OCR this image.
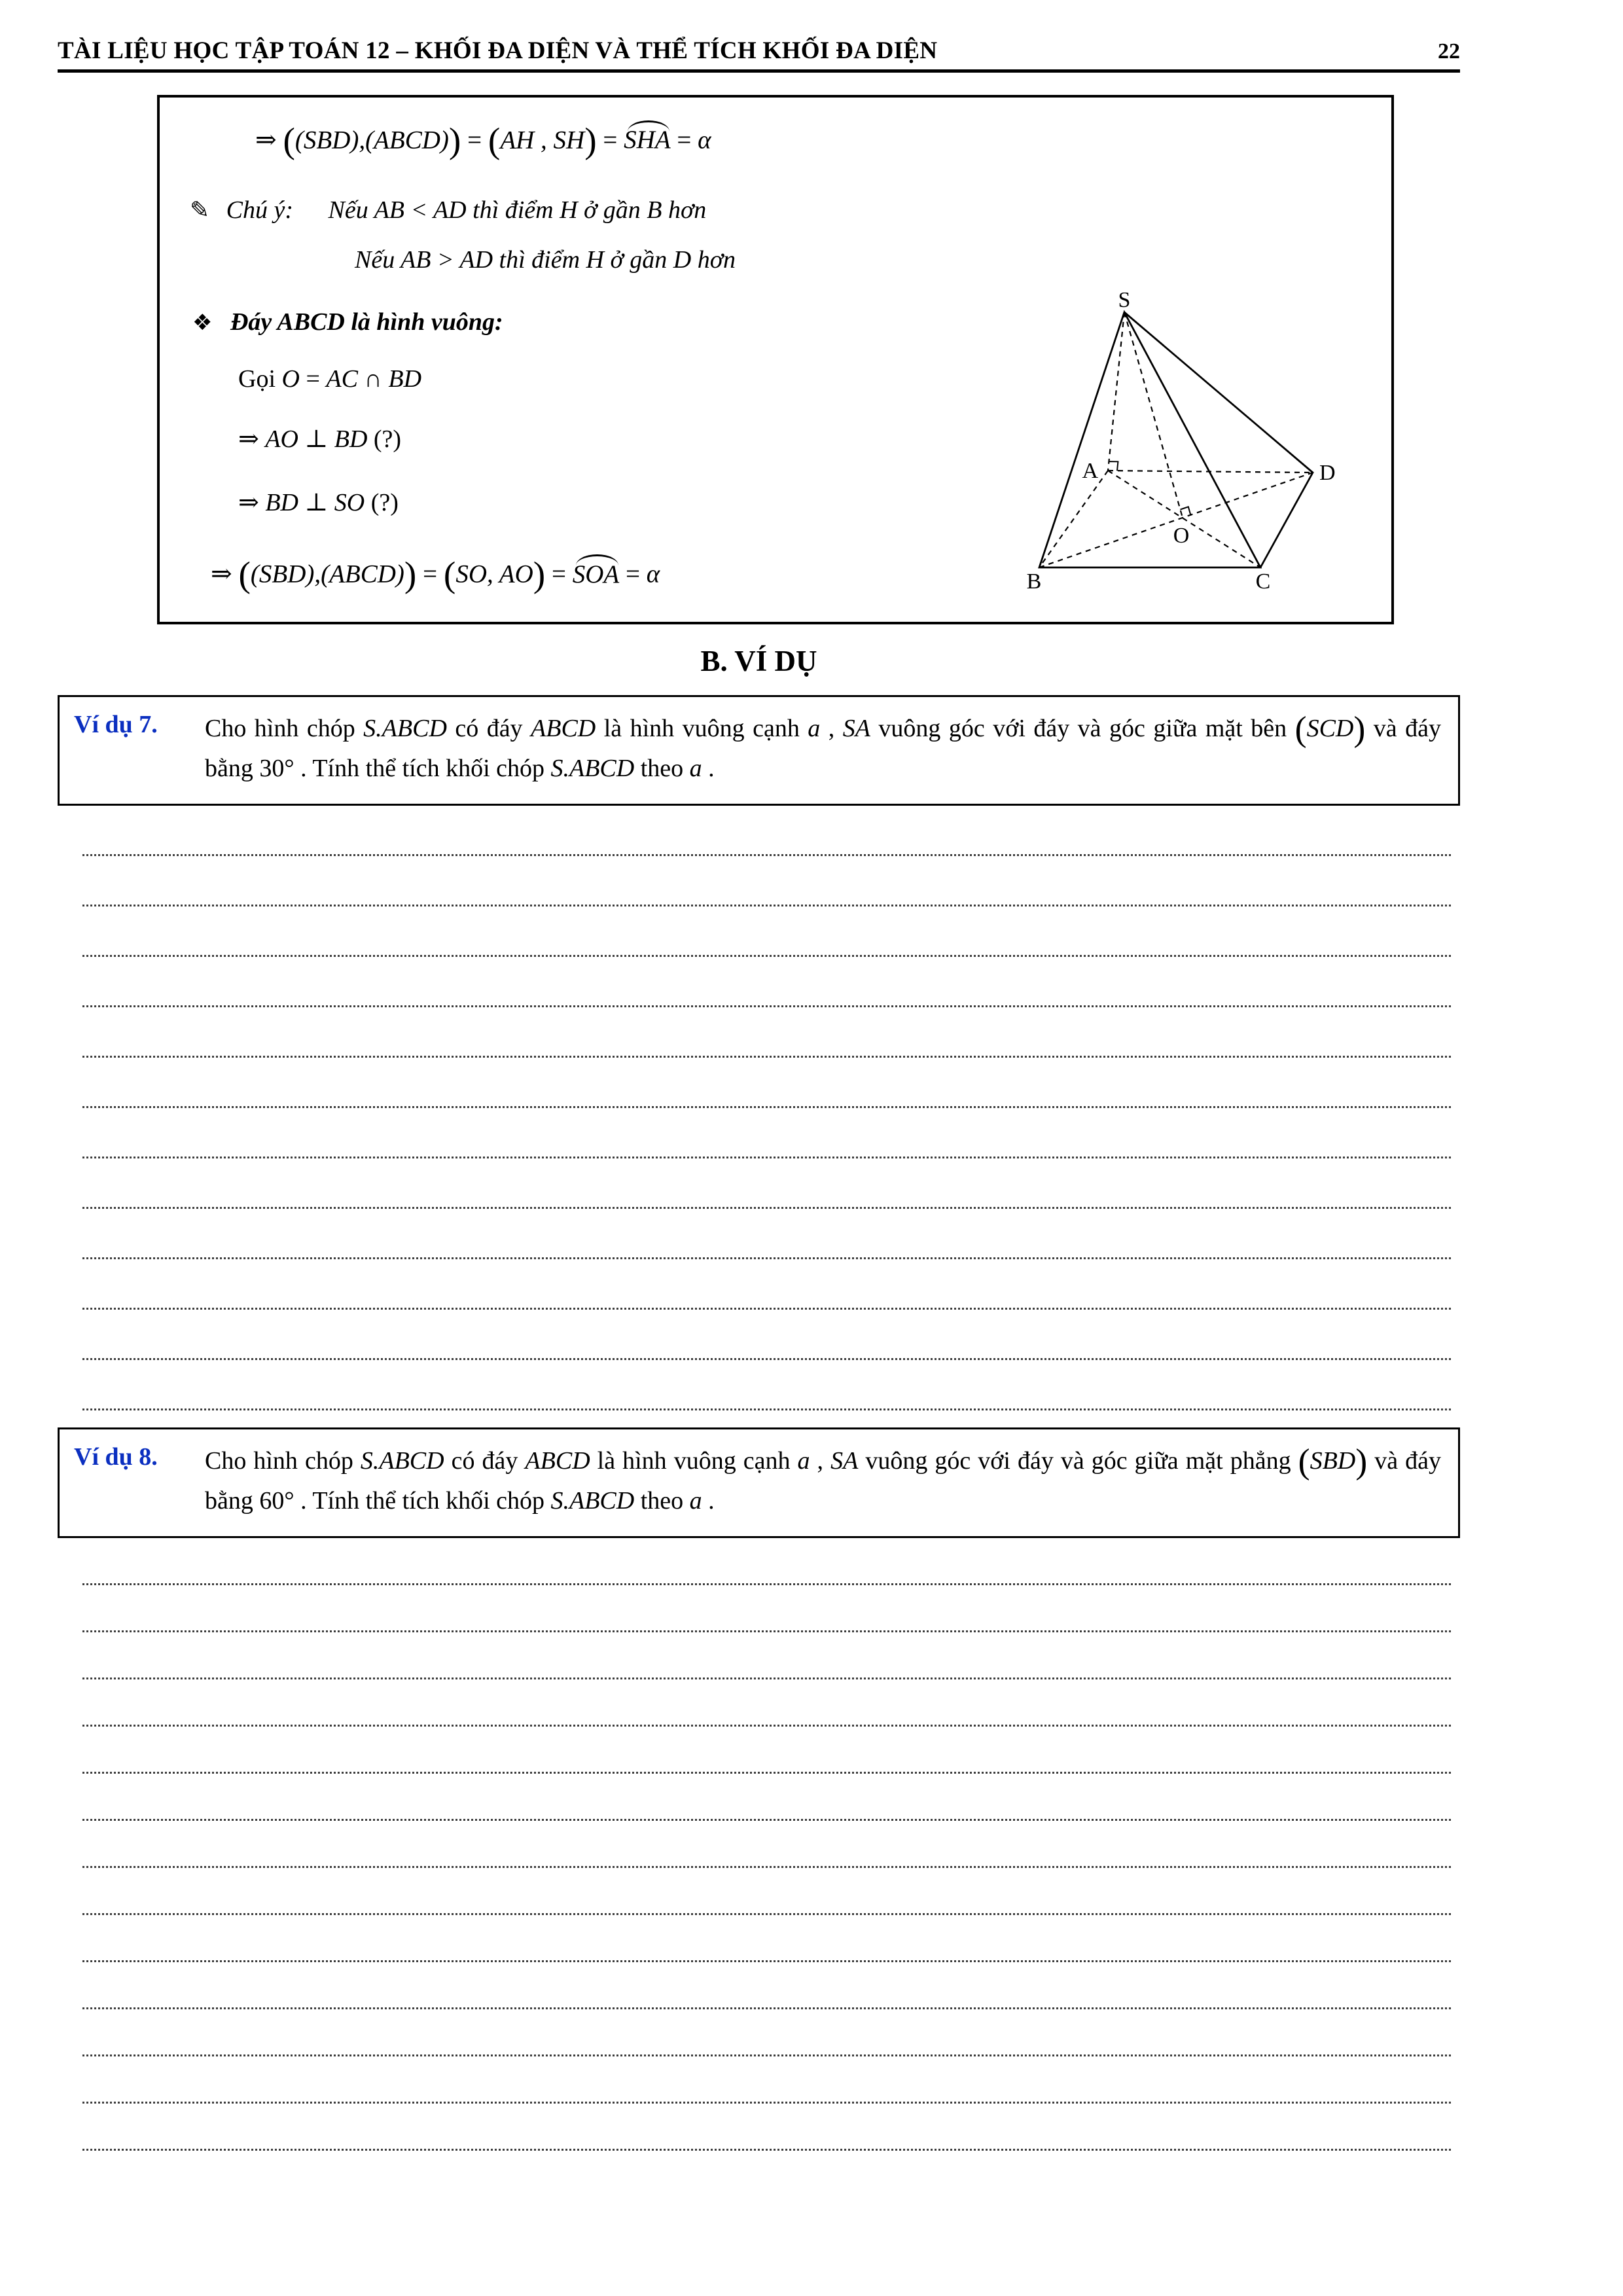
TÀI LIỆU HỌC TẬP TOÁN 12 – KHỐI ĐA DIỆN VÀ THỂ TÍCH KHỐI ĐA DIỆN	22
⇒ ((SBD),(ABCD)) = (AH , SH) = SHA = α
✎ Chú ý: Nếu AB < AD thì điểm H ở gần B hơn
Nếu AB > AD thì điểm H ở gần D hơn
❖ Đáy ABCD là hình vuông:
Gọi O = AC ∩ BD
⇒ AO ⊥ BD (?)
⇒ BD ⊥ SO (?)
⇒ ((SBD),(ABCD)) = (SO, AO) = SOA = α
S
A
B	C
D
O
B. VÍ DỤ
Ví dụ 7.	Cho hình chóp S.ABCD có đáy ABCD là hình vuông cạnh a , SA vuông góc với đáy và góc giữa mặt bên (SCD) và đáy bằng 30° . Tính thể tích khối chóp S.ABCD theo a .
Ví dụ 8.	Cho hình chóp S.ABCD có đáy ABCD là hình vuông cạnh a , SA vuông góc với đáy và góc giữa mặt phẳng (SBD) và đáy bằng 60° . Tính thể tích khối chóp S.ABCD theo a .
